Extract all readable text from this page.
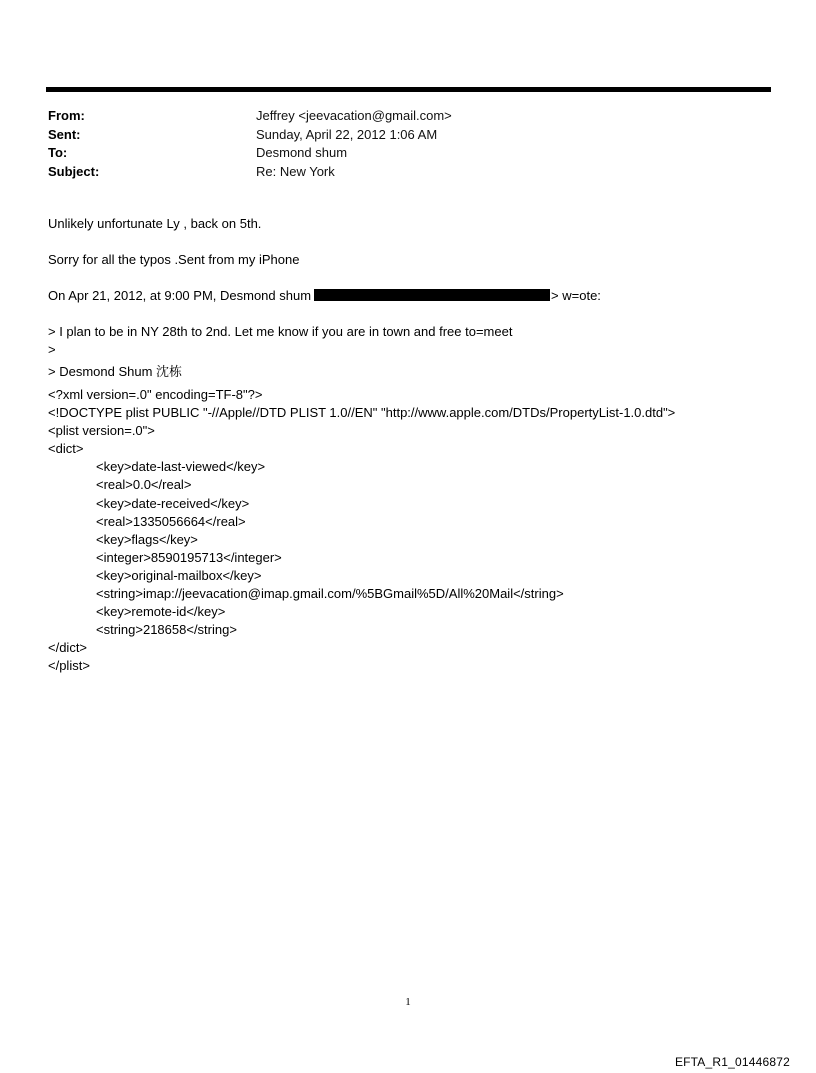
From:	Jeffrey <jeevacation@gmail.com>
Sent:	Sunday, April 22, 2012 1:06 AM
To:	Desmond shum
Subject:	Re: New York
Unlikely unfortunate Ly , back on 5th.
Sorry for all the typos .Sent from my iPhone
On Apr 21, 2012, at 9:00 PM, Desmond shum	> w=ote:
> I plan to be in NY 28th to 2nd. Let me know if you are in town and free to=meet
>
> Desmond Shum 沈栋
<?xml version=.0" encoding=TF-8"?>
<!DOCTYPE plist PUBLIC "-//Apple//DTD PLIST 1.0//EN" "http://www.apple.com/DTDs/PropertyList-1.0.dtd">
<plist version=.0">
<dict>
<key>date-last-viewed</key>
<real>0.0</real>
<key>date-received</key>
<real>1335056664</real>
<key>flags</key>
<integer>8590195713</integer>
<key>original-mailbox</key>
<string>imap://jeevacation@imap.gmail.com/%5BGmail%5D/All%20Mail</string>
<key>remote-id</key>
<string>218658</string>
</dict>
</plist>
1
EFTA_R1_01446872
